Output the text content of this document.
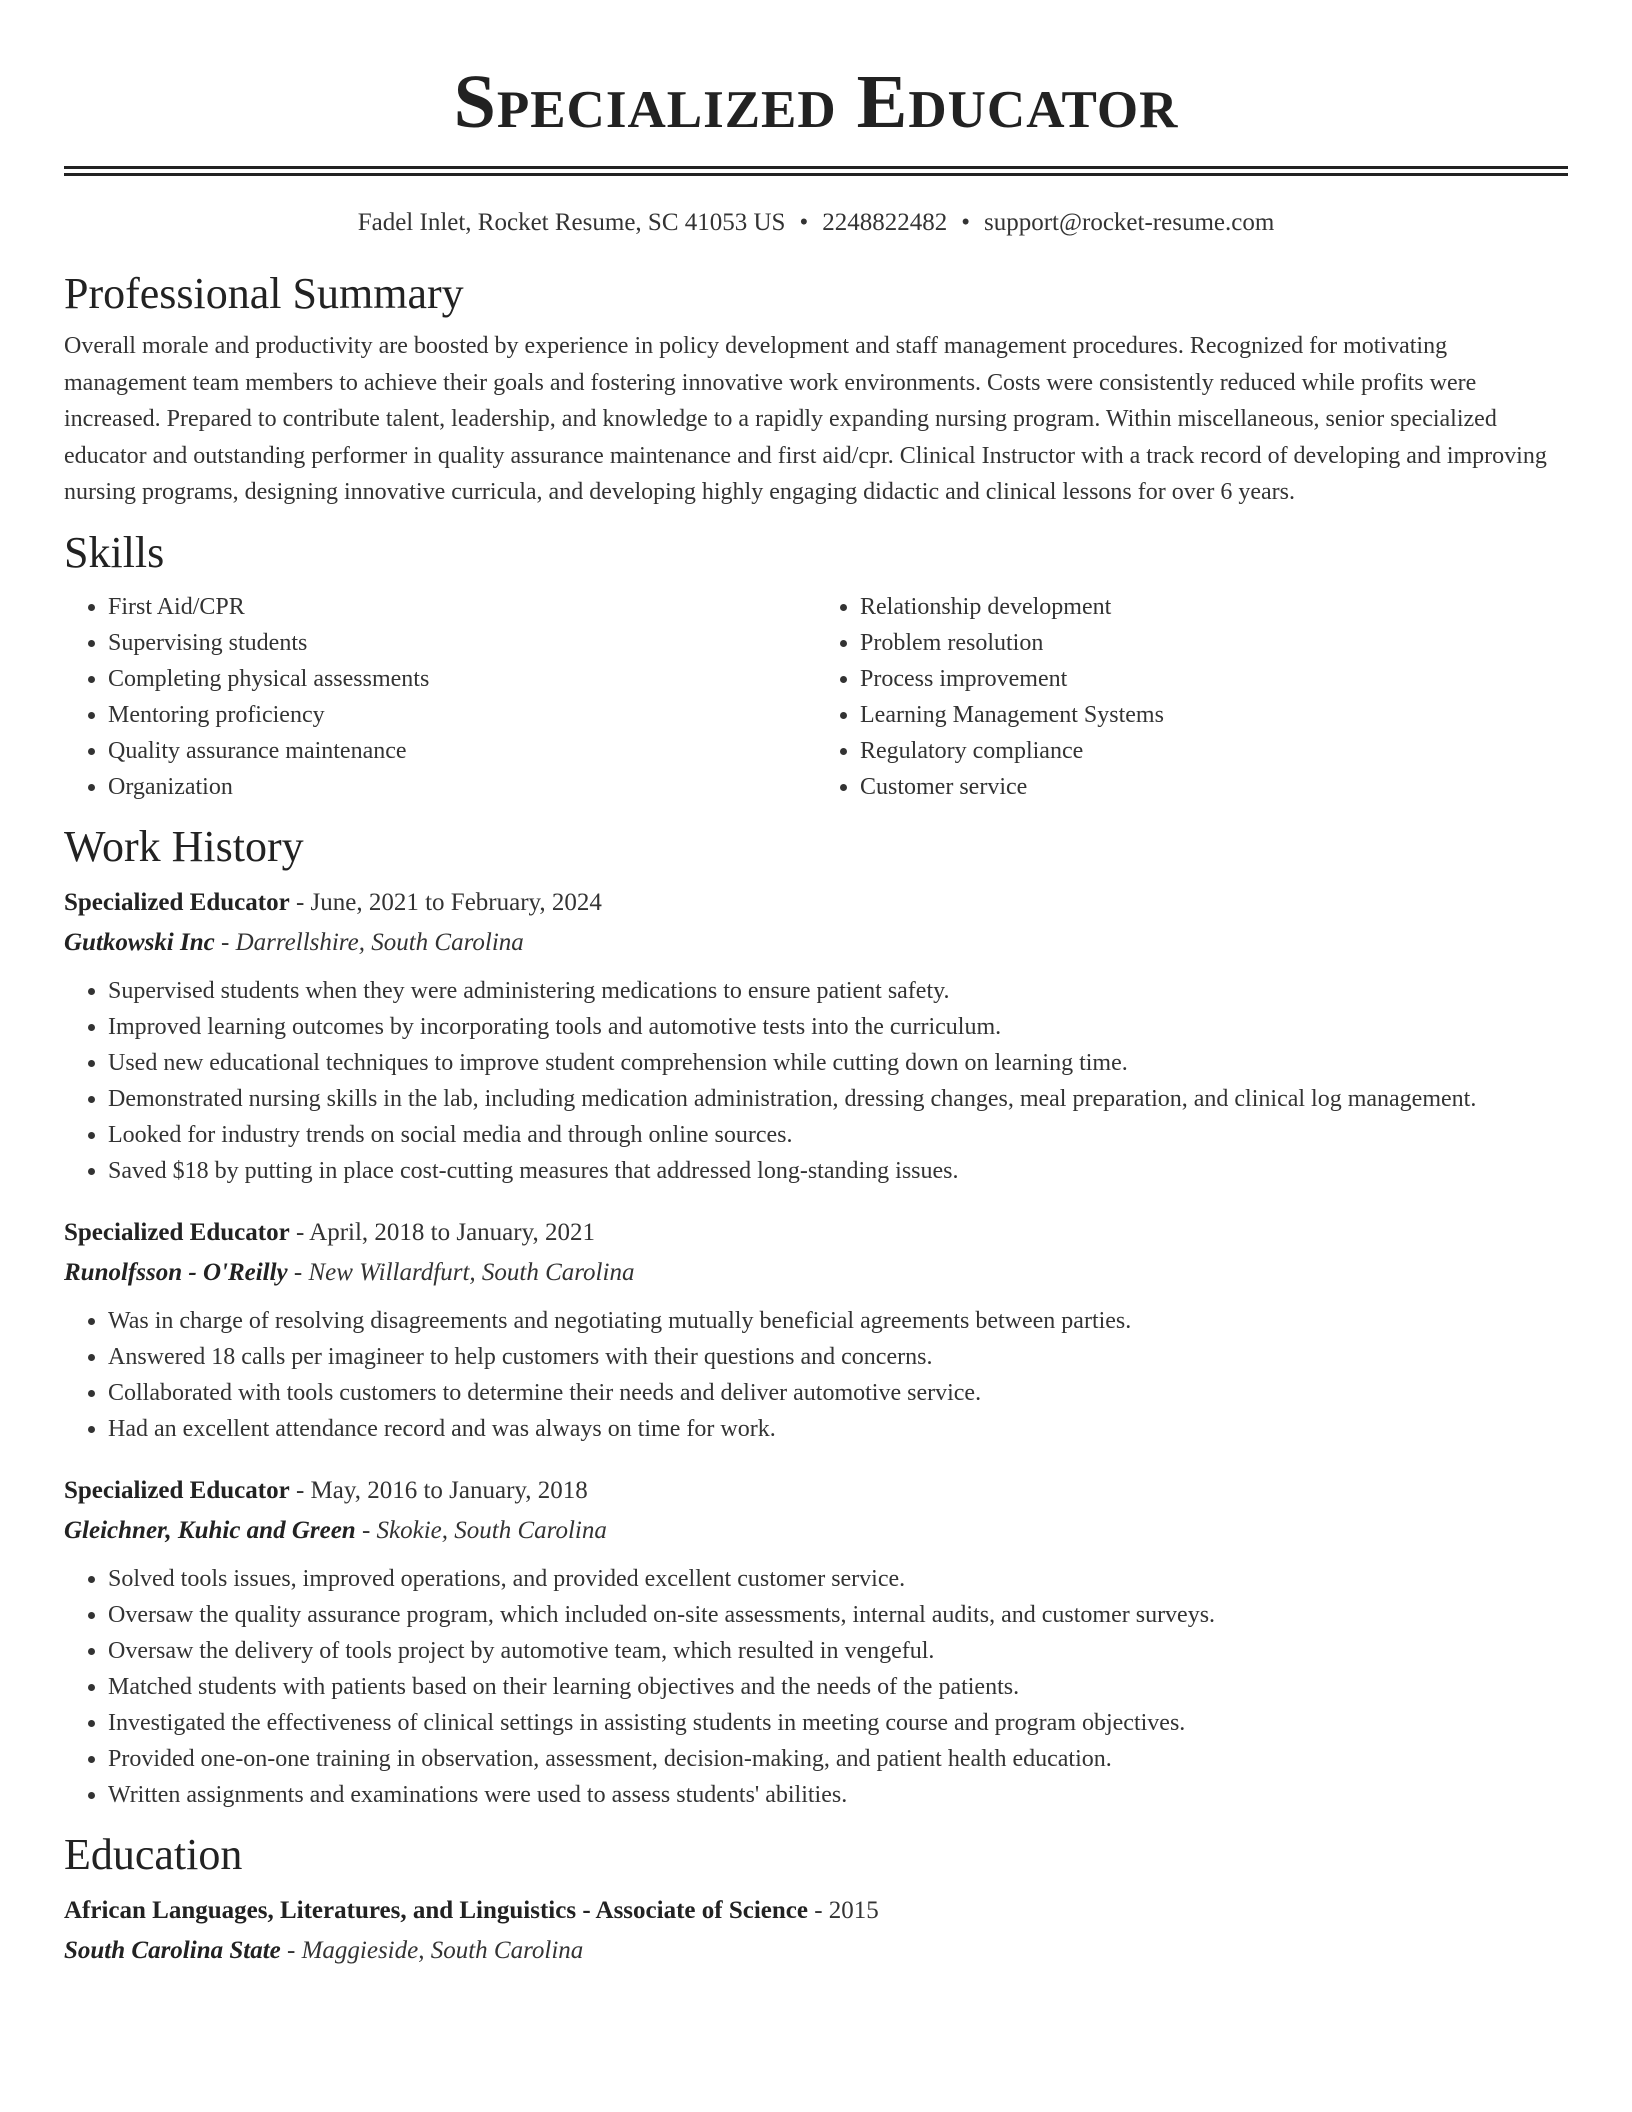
Specialized Educator
Fadel Inlet, Rocket Resume, SC 41053 US • 2248822482 • support@rocket-resume.com
Professional Summary

Overall morale and productivity are boosted by experience in policy development and staff management procedures. Recognized for motivating management team members to achieve their goals and fostering innovative work environments. Costs were consistently reduced while profits were increased. Prepared to contribute talent, leadership, and knowledge to a rapidly expanding nursing program. Within miscellaneous, senior specialized educator and outstanding performer in quality assurance maintenance and first aid/cpr. Clinical Instructor with a track record of developing and improving nursing programs, designing innovative curricula, and developing highly engaging didactic and clinical lessons for over 6 years.

Skills
• First Aid/CPR
• Supervising students
• Completing physical assessments
• Mentoring proficiency
• Quality assurance maintenance
• Organization
• Relationship development
• Problem resolution
• Process improvement
• Learning Management Systems
• Regulatory compliance
• Customer service
Work History
Specialized Educator - June, 2021 to February, 2024
Gutkowski Inc - Darrellshire, South Carolina
• Supervised students when they were administering medications to ensure patient safety.
• Improved learning outcomes by incorporating tools and automotive tests into the curriculum.
• Used new educational techniques to improve student comprehension while cutting down on learning time.
• Demonstrated nursing skills in the lab, including medication administration, dressing changes, meal preparation, and clinical log management.
• Looked for industry trends on social media and through online sources.
• Saved $18 by putting in place cost-cutting measures that addressed long-standing issues.
Specialized Educator - April, 2018 to January, 2021
Runolfsson - O'Reilly - New Willardfurt, South Carolina
• Was in charge of resolving disagreements and negotiating mutually beneficial agreements between parties.
• Answered 18 calls per imagineer to help customers with their questions and concerns.
• Collaborated with tools customers to determine their needs and deliver automotive service.
• Had an excellent attendance record and was always on time for work.
Specialized Educator - May, 2016 to January, 2018
Gleichner, Kuhic and Green - Skokie, South Carolina
• Solved tools issues, improved operations, and provided excellent customer service.
• Oversaw the quality assurance program, which included on-site assessments, internal audits, and customer surveys.
• Oversaw the delivery of tools project by automotive team, which resulted in vengeful.
• Matched students with patients based on their learning objectives and the needs of the patients.
• Investigated the effectiveness of clinical settings in assisting students in meeting course and program objectives.
• Provided one-on-one training in observation, assessment, decision-making, and patient health education.
• Written assignments and examinations were used to assess students' abilities.
Education
African Languages, Literatures, and Linguistics - Associate of Science - 2015
South Carolina State - Maggieside, South Carolina
